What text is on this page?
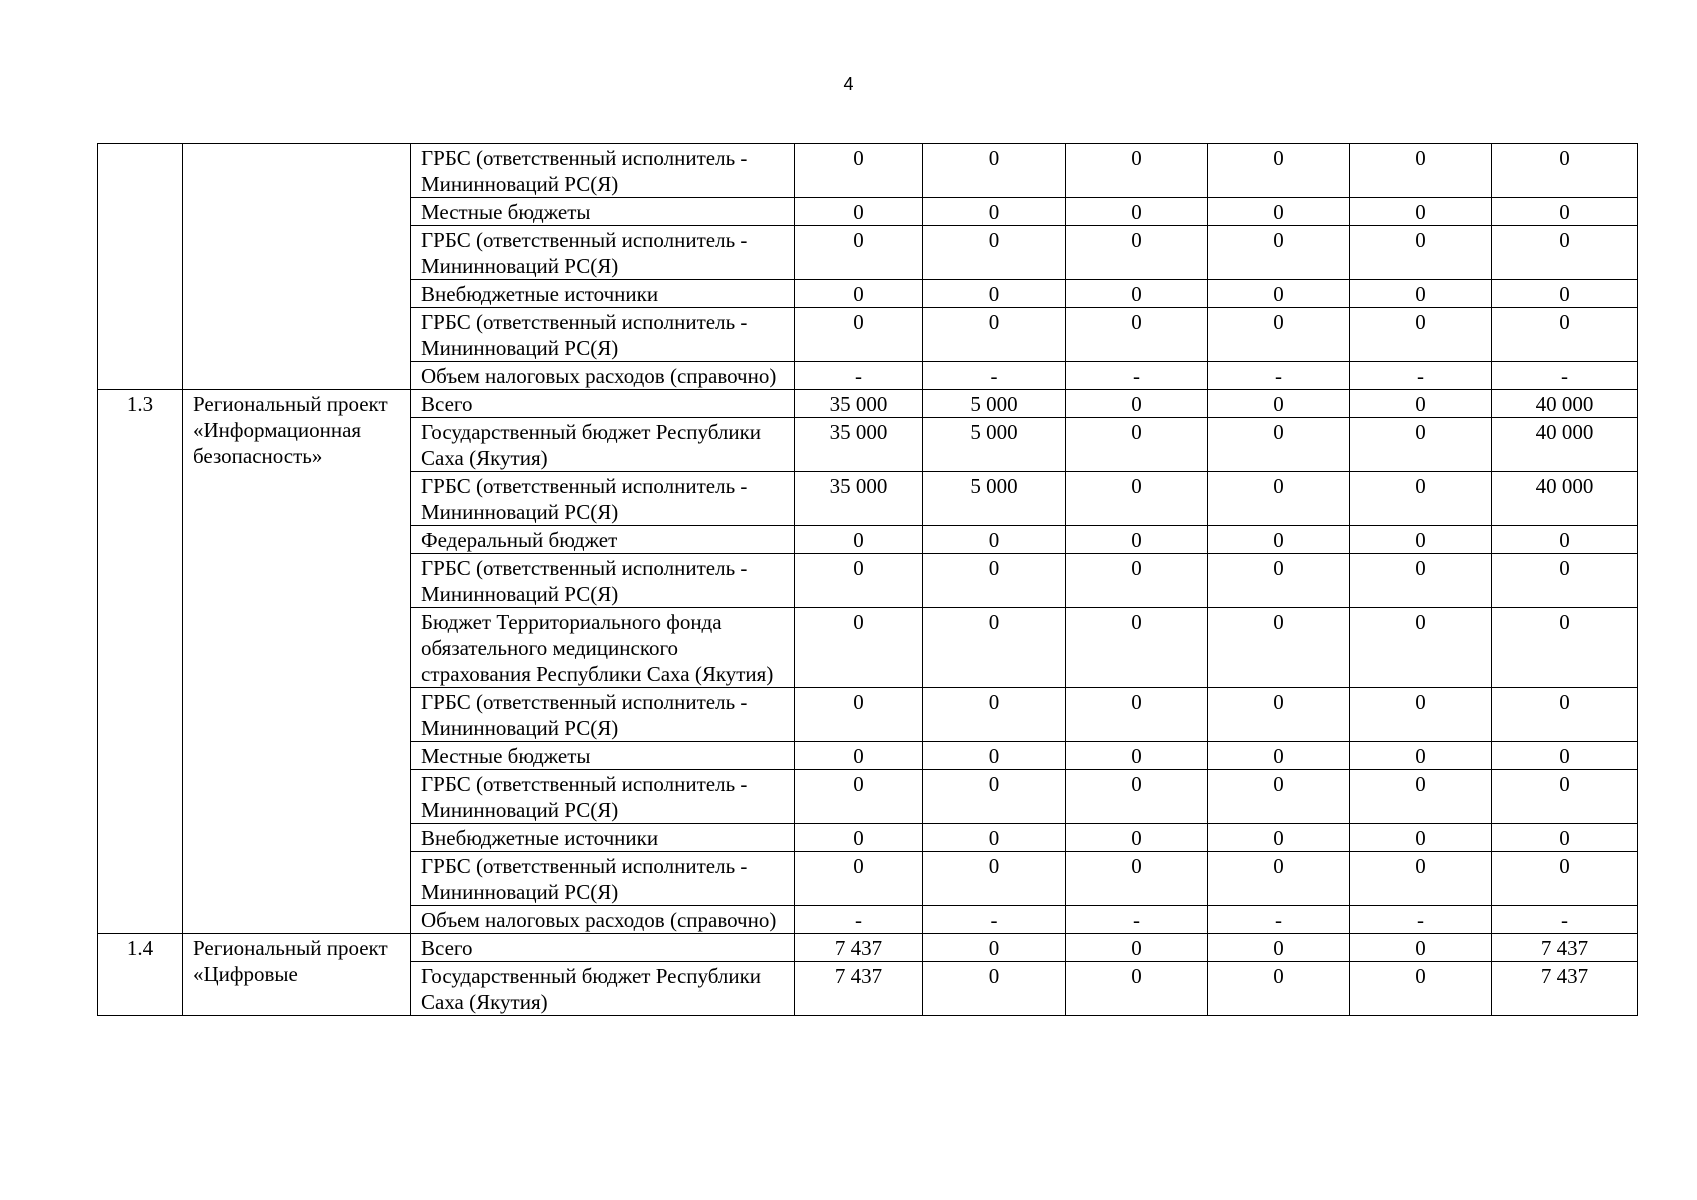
4
		ГРБС (ответственный исполнитель - Мининноваций РС(Я)	0	0	0	0	0	0
		Местные бюджеты	0	0	0	0	0	0
		ГРБС (ответственный исполнитель - Мининноваций РС(Я)	0	0	0	0	0	0
		Внебюджетные источники	0	0	0	0	0	0
		ГРБС (ответственный исполнитель - Мининноваций РС(Я)	0	0	0	0	0	0
		Объем налоговых расходов (справочно)	-	-	-	-	-	-
1.3	Региональный проект «Информационная безопасность»	Всего	35 000	5 000	0	0	0	40 000
		Государственный бюджет Республики Саха (Якутия)	35 000	5 000	0	0	0	40 000
		ГРБС (ответственный исполнитель - Мининноваций РС(Я)	35 000	5 000	0	0	0	40 000
		Федеральный бюджет	0	0	0	0	0	0
		ГРБС (ответственный исполнитель - Мининноваций РС(Я)	0	0	0	0	0	0
		Бюджет Территориального фонда обязательного медицинского страхования Республики Саха (Якутия)	0	0	0	0	0	0
		ГРБС (ответственный исполнитель - Мининноваций РС(Я)	0	0	0	0	0	0
		Местные бюджеты	0	0	0	0	0	0
		ГРБС (ответственный исполнитель - Мининноваций РС(Я)	0	0	0	0	0	0
		Внебюджетные источники	0	0	0	0	0	0
		ГРБС (ответственный исполнитель - Мининноваций РС(Я)	0	0	0	0	0	0
		Объем налоговых расходов (справочно)	-	-	-	-	-	-
1.4	Региональный проект «Цифровые	Всего	7 437	0	0	0	0	7 437
		Государственный бюджет Республики Саха (Якутия)	7 437	0	0	0	0	7 437
